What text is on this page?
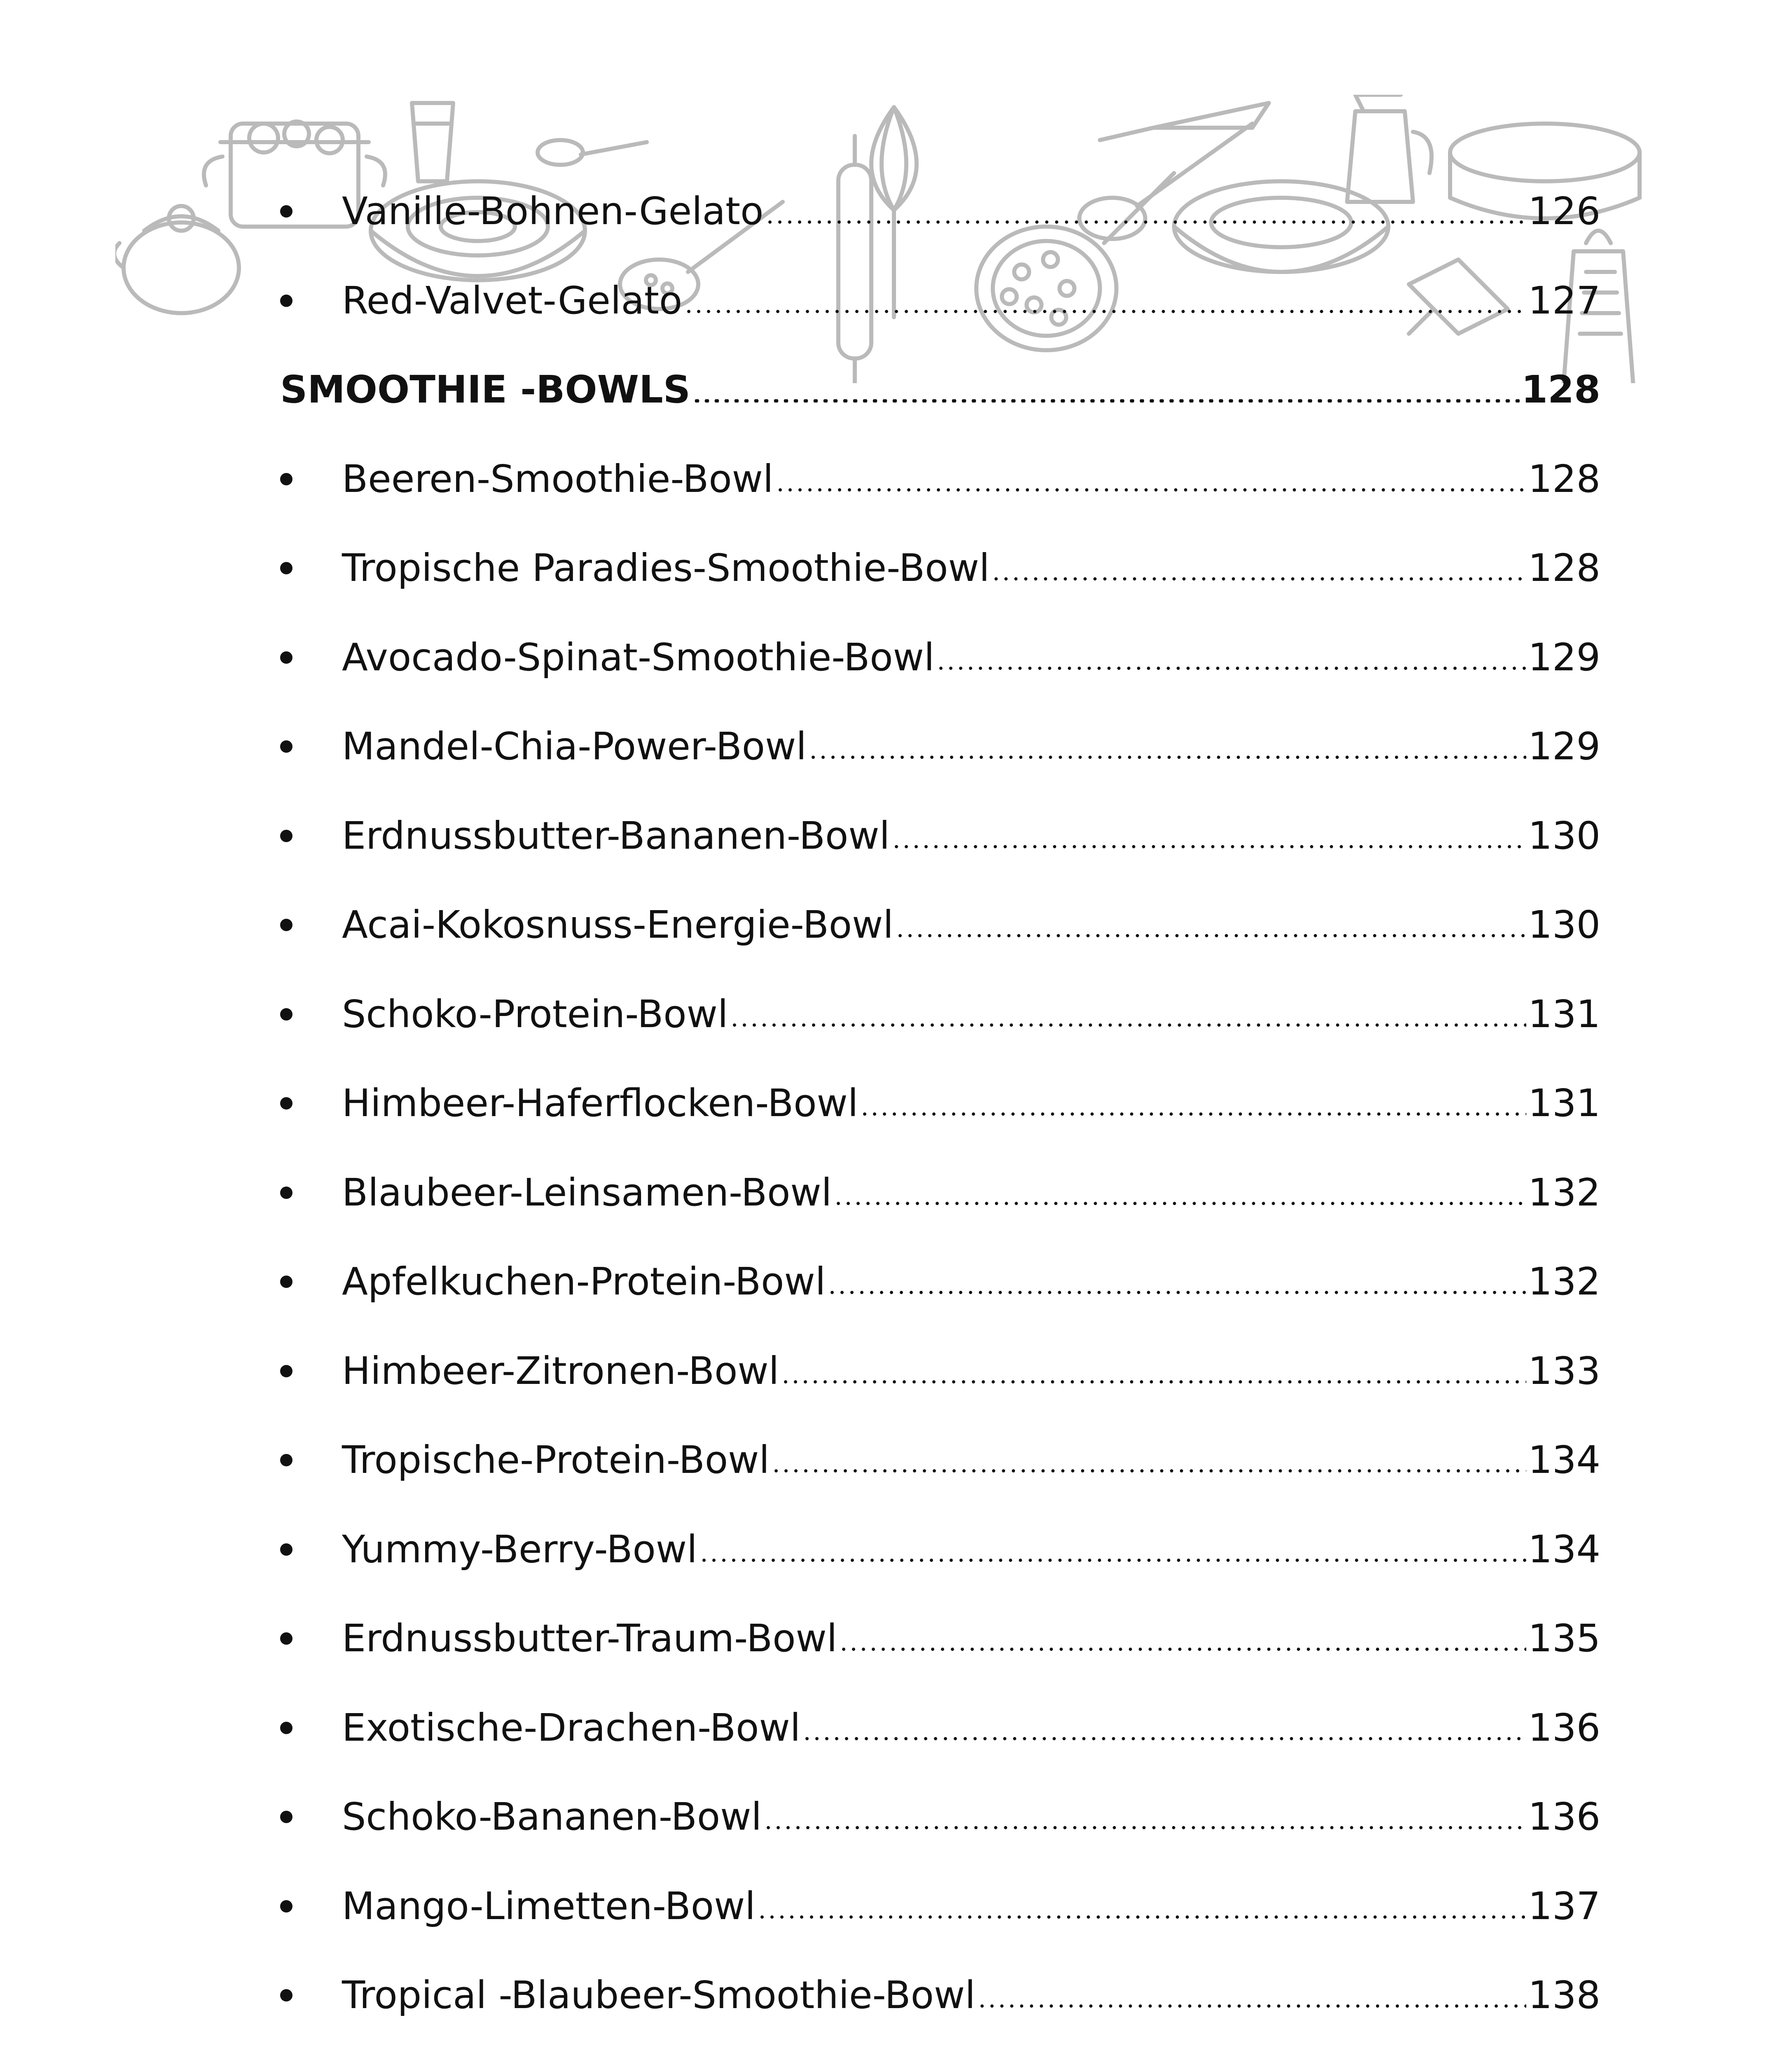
Vanille-Bohnen-Gelato	126
Red-Valvet-Gelato	127
SMOOTHIE -BOWLS	128
Beeren-Smoothie-Bowl	128
Tropische Paradies-Smoothie-Bowl	128
Avocado-Spinat-Smoothie-Bowl	129
Mandel-Chia-Power-Bowl	129
Erdnussbutter-Bananen-Bowl	130
Acai-Kokosnuss-Energie-Bowl	130
Schoko-Protein-Bowl	131
Himbeer-Haferflocken-Bowl	131
Blaubeer-Leinsamen-Bowl	132
Apfelkuchen-Protein-Bowl	132
Himbeer-Zitronen-Bowl	133
Tropische-Protein-Bowl	134
Yummy-Berry-Bowl	134
Erdnussbutter-Traum-Bowl	135
Exotische-Drachen-Bowl	136
Schoko-Bananen-Bowl	136
Mango-Limetten-Bowl	137
Tropical -Blaubeer-Smoothie-Bowl	138
